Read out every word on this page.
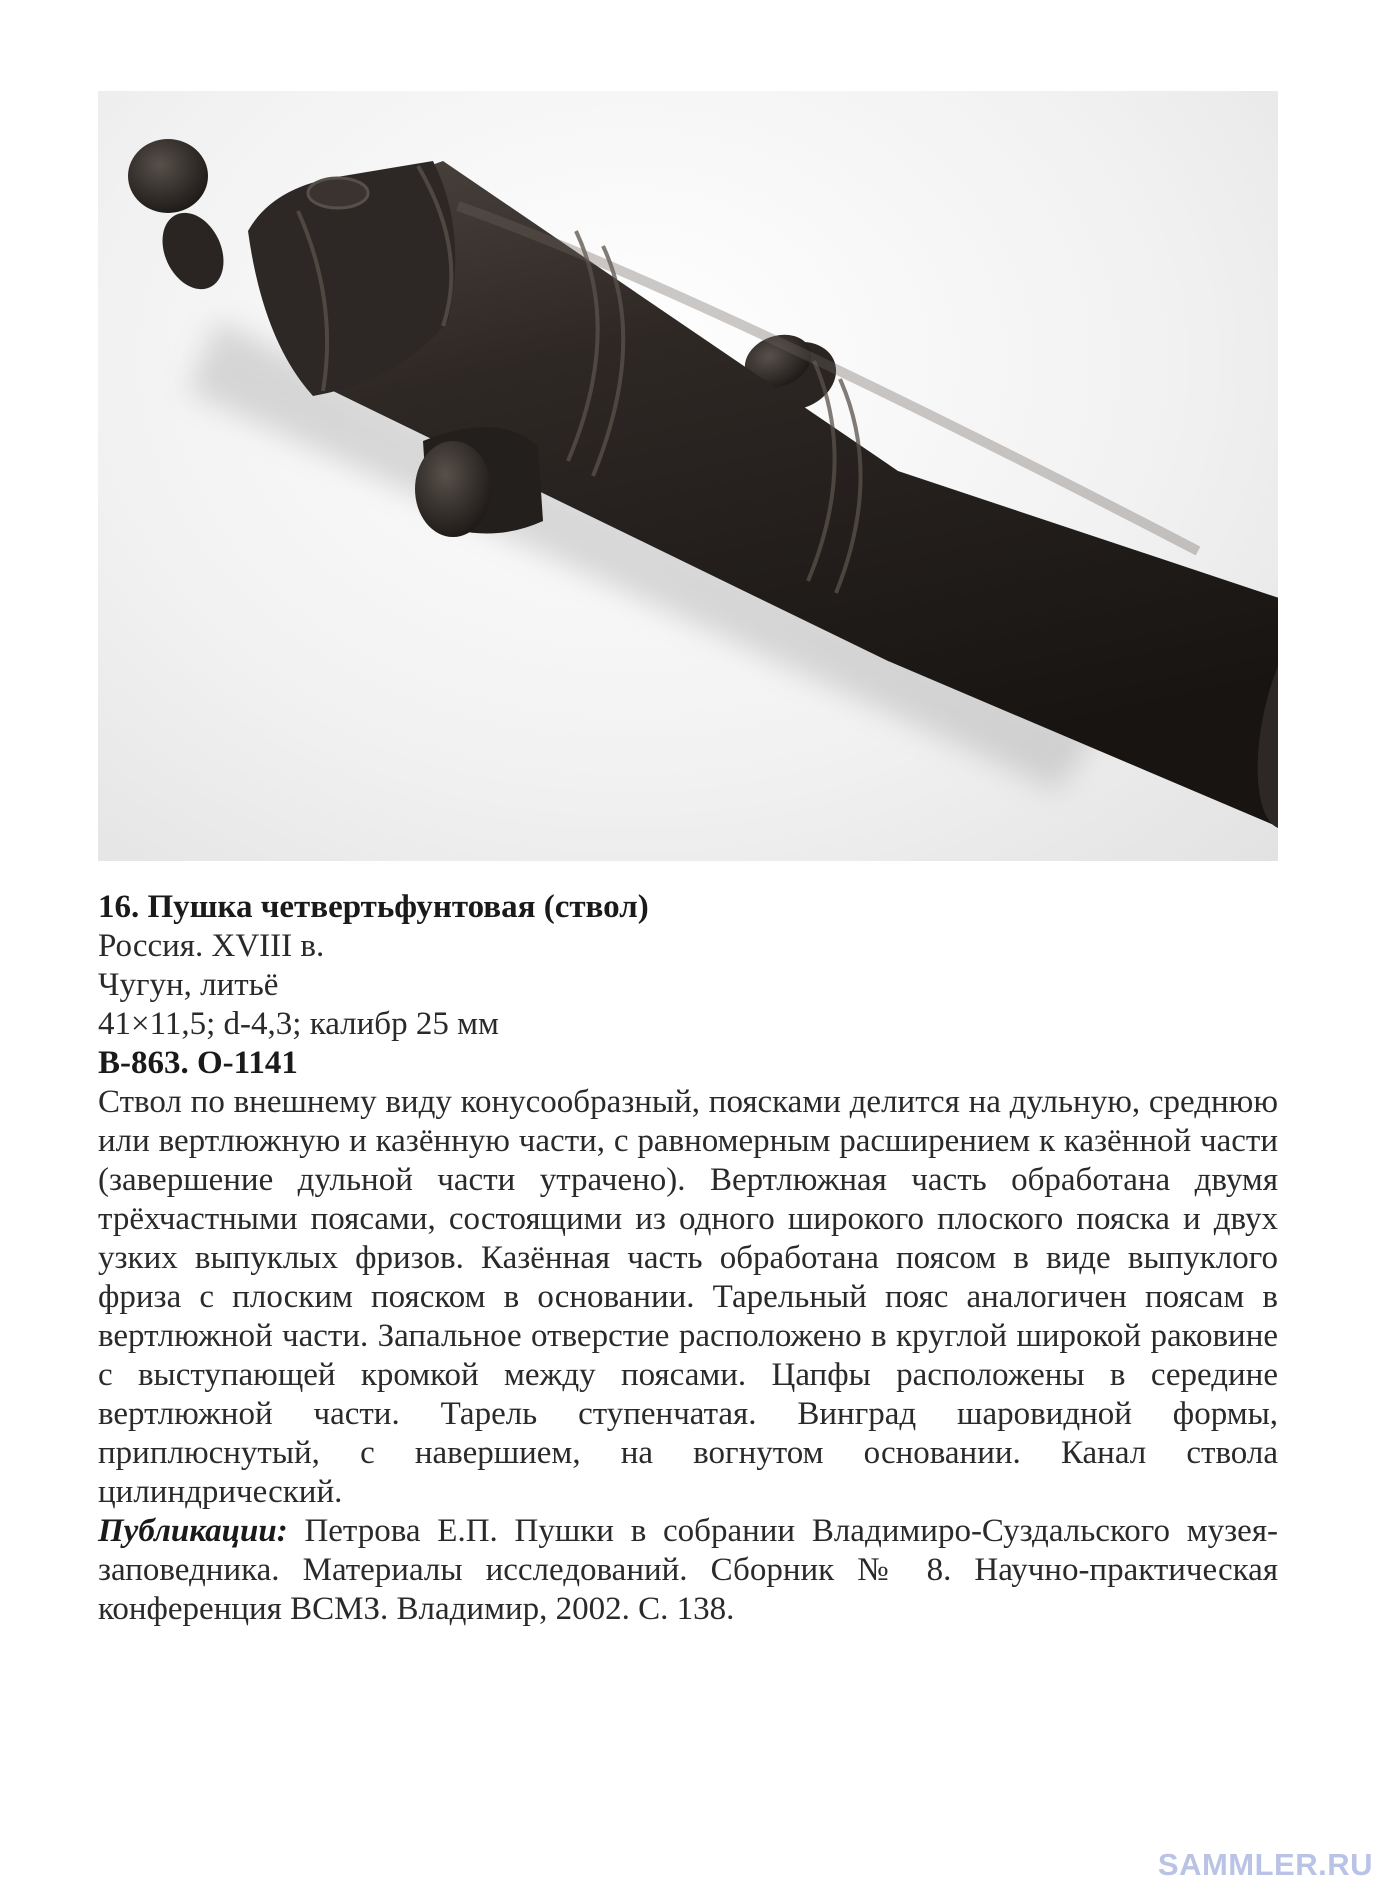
16. Пушка четвертьфунтовая (ствол)

Россия. XVIII в.

Чугун, литьё

41×11,5; d-4,3; калибр 25 мм

В-863. О-1141

Ствол по внешнему виду конусообразный, поясками делится на дульную, среднюю или вертлюжную и казённую части, с равномерным расширением к казённой части (завершение дульной части утрачено). Вертлюжная часть обработана двумя трёхчастными поясами, состоящими из одного широкого плоского пояска и двух узких выпуклых фризов. Казённая часть обработана поясом в виде выпуклого фриза с плоским пояском в основании. Тарельный пояс аналогичен поясам в вертлюжной части. Запальное отверстие расположено в круглой широкой раковине с выступающей кромкой между поясами. Цапфы расположены в середине вертлюжной части. Тарель ступенчатая. Винград шаровидной формы, приплюснутый, с навершием, на вогнутом основании. Канал ствола цилиндрический.

Публикации: Петрова Е.П. Пушки в собрании Владимиро-Суздальского музея-заповедника. Материалы исследований. Сборник № 8. Научно-практическая конференция ВСМЗ. Владимир, 2002. С. 138.

SAMMLER.RU
